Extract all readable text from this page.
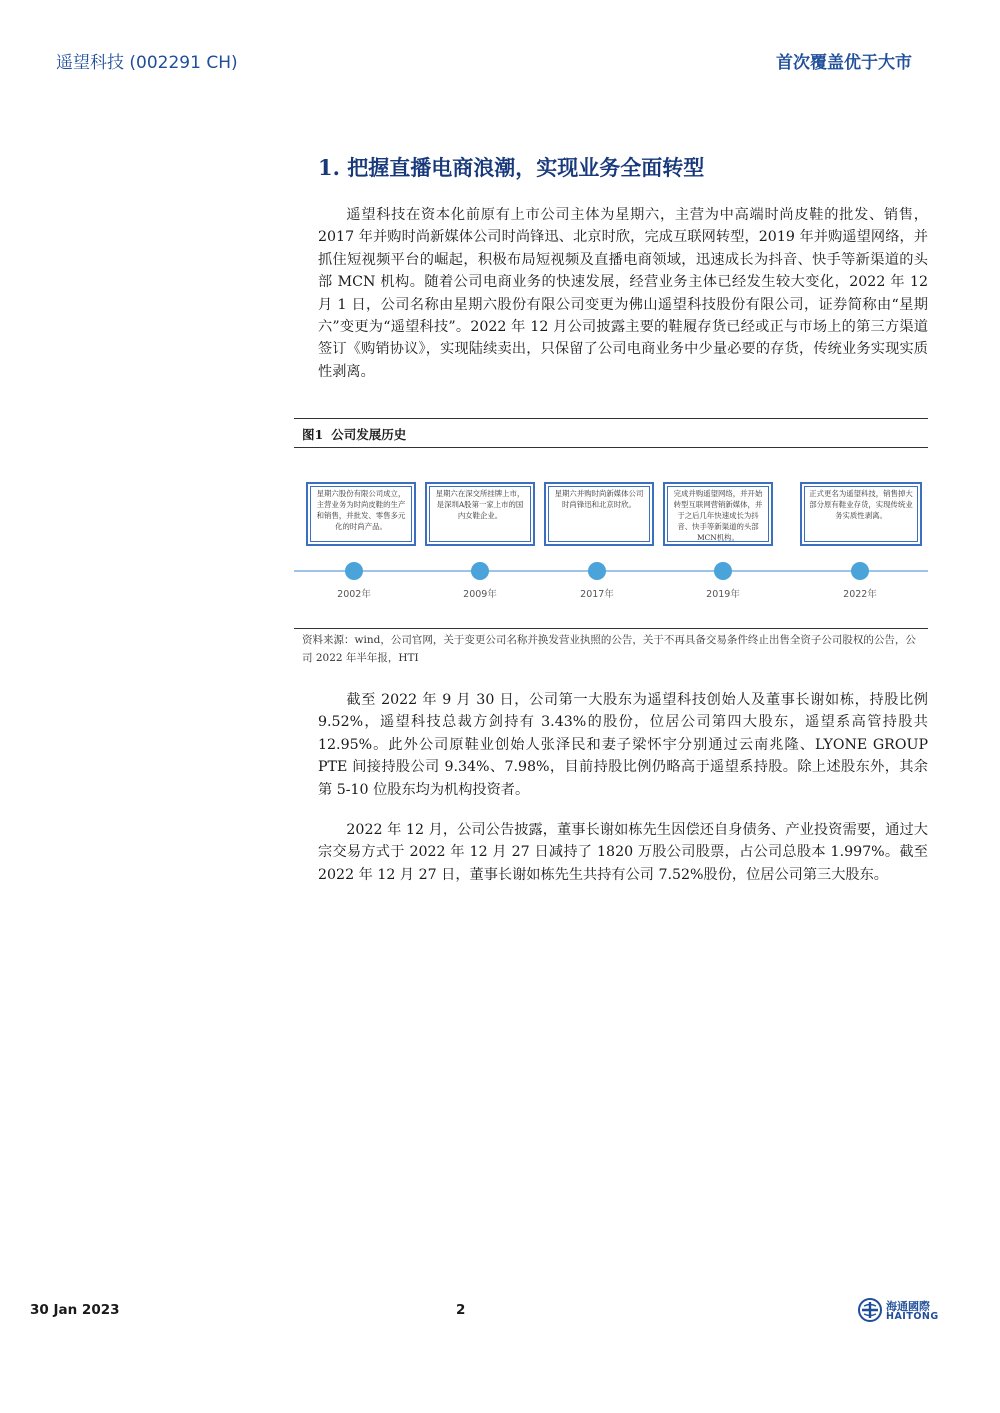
遥望科技 (002291 CH)	首次覆盖优于大市
1. 把握直播电商浪潮，实现业务全面转型

遥望科技在资本化前原有上市公司主体为星期六，主营为中高端时尚皮鞋的批发、销售，2017 年并购时尚新媒体公司时尚锋迅、北京时欣，完成互联网转型，2019 年并购遥望网络，并抓住短视频平台的崛起，积极布局短视频及直播电商领域，迅速成长为抖音、快手等新渠道的头部 MCN 机构。随着公司电商业务的快速发展，经营业务主体已经发生较大变化，2022 年 12 月 1 日，公司名称由星期六股份有限公司变更为佛山遥望科技股份有限公司，证券简称由“星期六”变更为“遥望科技”。2022 年 12 月公司披露主要的鞋履存货已经或正与市场上的第三方渠道签订《购销协议》，实现陆续卖出，只保留了公司电商业务中少量必要的存货，传统业务实现实质性剥离。

图1 公司发展历史
星期六股份有限公司成立，主营业务为时尚皮鞋的生产和销售，并批发、零售多元化的时尚产品。
星期六在深交所挂牌上市，是深圳A股第一家上市的国内女鞋企业。
星期六并购时尚新媒体公司时尚锋迅和北京时欣。
完成并购遥望网络，并开始转型互联网营销新媒体，并于之后几年快速成长为抖音、快手等新渠道的头部MCN机构。
正式更名为遥望科技，销售掉大部分原有鞋业存货，实现传统业务实质性剥离。
2002年	2009年	2017年	2019年	2022年
资料来源：wind，公司官网，关于变更公司名称并换发营业执照的公告，关于不再具备交易条件终止出售全资子公司股权的公告，公司 2022 年半年报，HTI

截至 2022 年 9 月 30 日，公司第一大股东为遥望科技创始人及董事长谢如栋，持股比例 9.52%，遥望科技总裁方剑持有 3.43%的股份，位居公司第四大股东，遥望系高管持股共 12.95%。此外公司原鞋业创始人张泽民和妻子梁怀宇分别通过云南兆隆、LYONE GROUP PTE 间接持股公司 9.34%、7.98%，目前持股比例仍略高于遥望系持股。除上述股东外，其余第 5-10 位股东均为机构投资者。

2022 年 12 月，公司公告披露，董事长谢如栋先生因偿还自身债务、产业投资需要，通过大宗交易方式于 2022 年 12 月 27 日减持了 1820 万股公司股票，占公司总股本 1.997%。截至 2022 年 12 月 27 日，董事长谢如栋先生共持有公司 7.52%股份，位居公司第三大股东。

30 Jan 2023	2	海通國際
HAITONG
